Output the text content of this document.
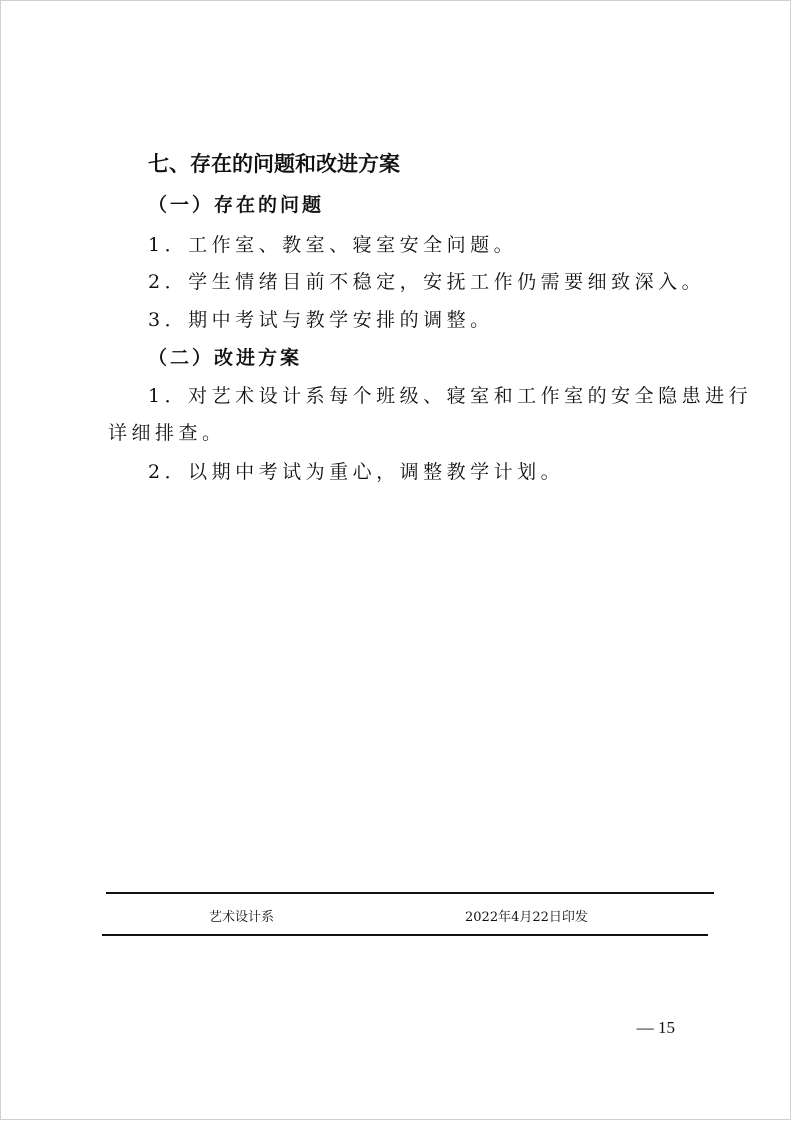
七、存在的问题和改进方案
（一）存在的问题
1．工作室、教室、寝室安全问题。
2．学生情绪目前不稳定，安抚工作仍需要细致深入。
3．期中考试与教学安排的调整。
（二）改进方案
1．对艺术设计系每个班级、寝室和工作室的安全隐患进行
详细排查。
2．以期中考试为重心，调整教学计划。
艺术设计系	2022年4月22日印发
— 15
